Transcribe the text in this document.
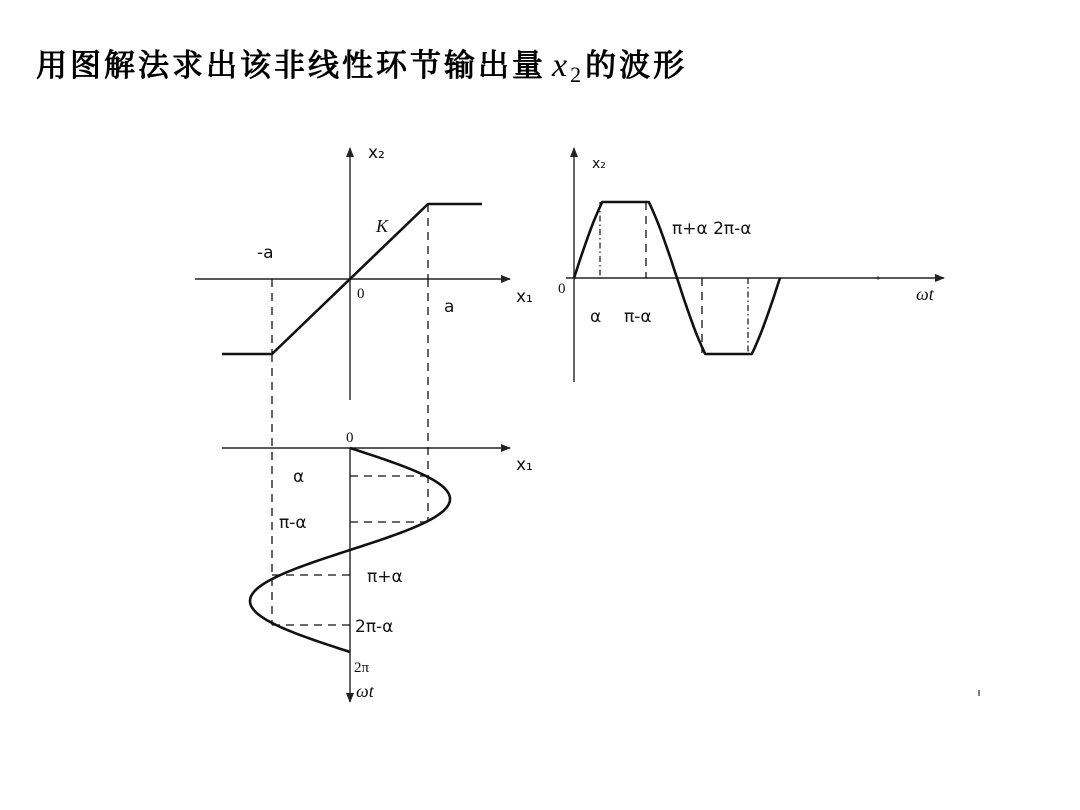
用图解法求出该非线性环节输出量 $x_2$ 的波形
x₂
x₁
0
K
-a
a
0
x₁
α
π-α
π+α
2π-α
2π
ωt
x₂
ωt
0
α π-α
π+α 2π-α
